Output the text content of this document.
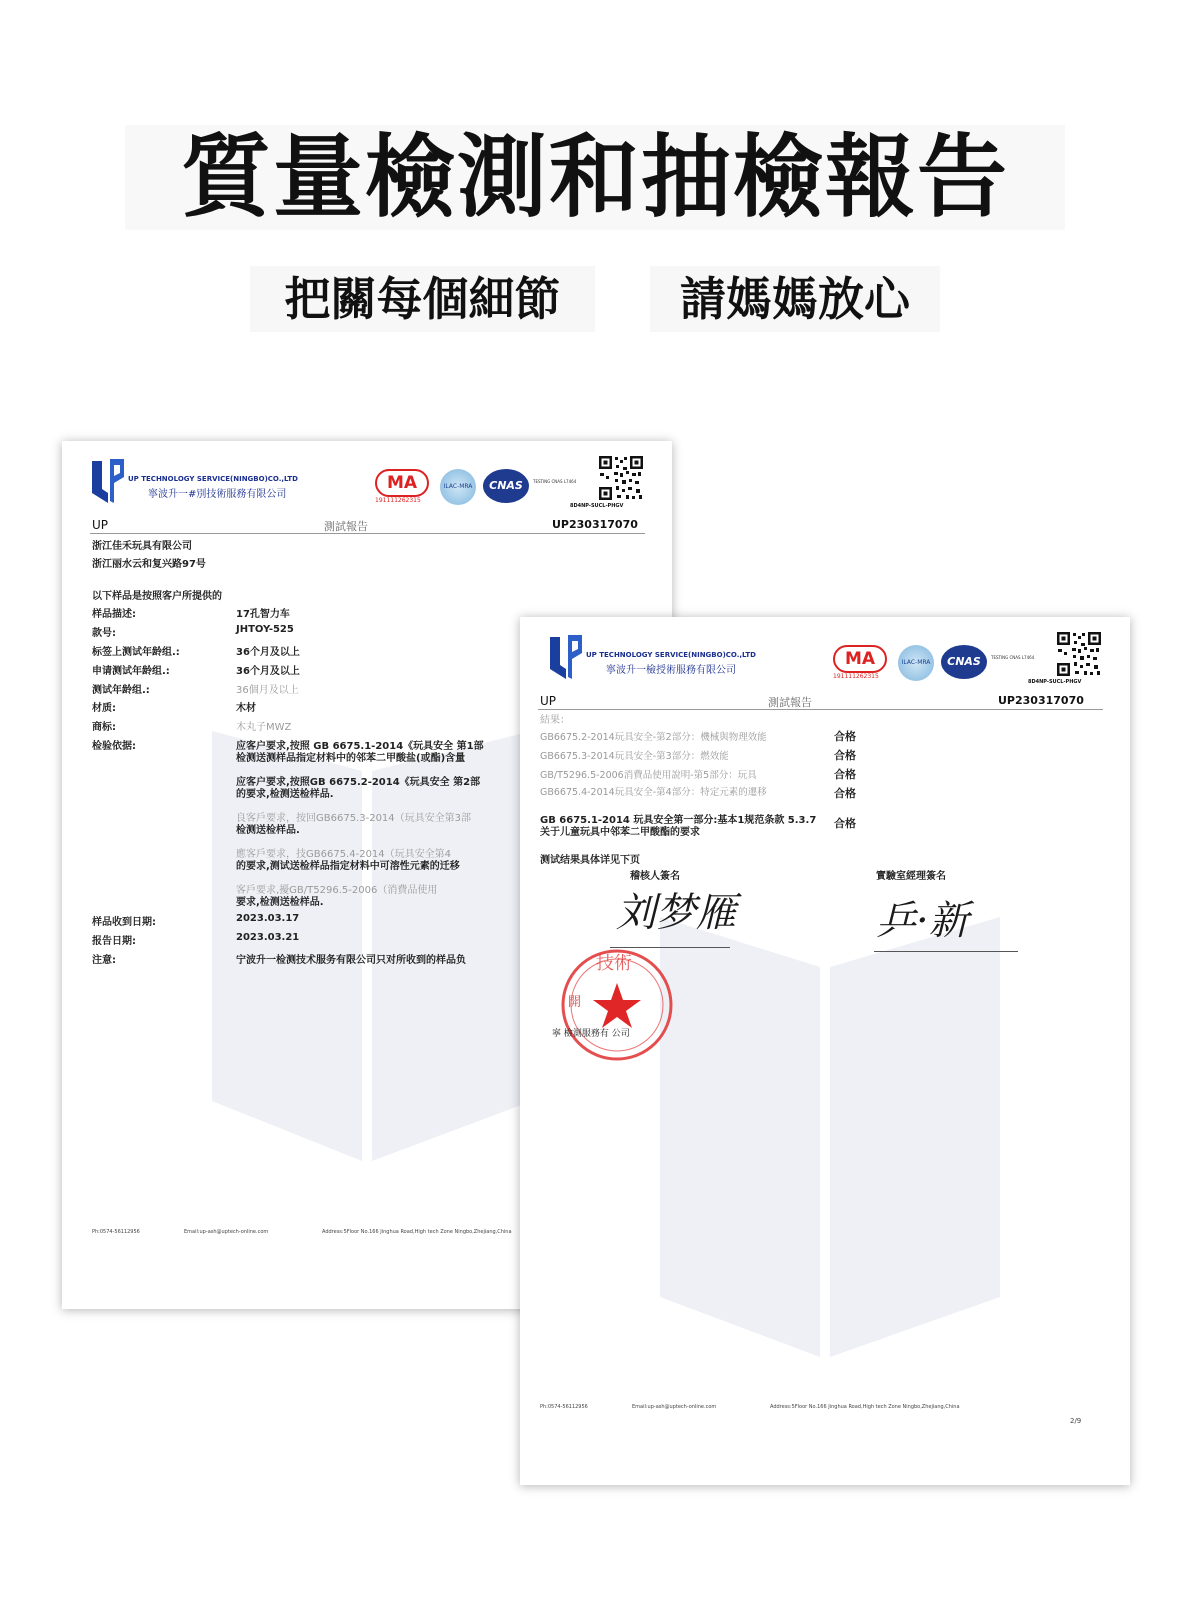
質量檢測和抽檢報告
把關每個細節	請媽媽放心
UP TECHNOLOGY SERVICE(NINGBO)CO.,LTD
寧波升一#別技術服務有限公司
MA
191111262315
ILAC-MRA	CNAS	TESTING CNAS L7464
8D4NP-SUCL-PHGV
UP	測試報告	UP230317070
浙江佳禾玩具有限公司
浙江丽水云和复兴路97号
以下样品是按照客户所提供的
样品描述:	17孔智力车
款号:	JHTOY-525
标签上测试年龄组.:	36个月及以上
申请测试年龄组.:	36个月及以上
测试年龄组.:	36個月及以上
材质:	木材
商标:	木丸子MWZ
检验依据:	应客户要求,按照 GB 6675.1-2014《玩具安全 第1部
检测送测样品指定材料中的邻苯二甲酸盐(或酯)含量
应客户要求,按照GB 6675.2-2014《玩具安全 第2部
的要求,检测送检样品.
良客戶要求，按回GB6675.3-2014（玩具安全第3部
检测送检样品.
應客戶要求，技GB6675.4-2014（玩具安全第4
的要求,测试送检样品指定材料中可溶性元素的迁移
客戶要求,擾GB/T5296.5-2006（消費品使用
要求,检测送检样品.
样品收到日期:	2023.03.17
报告日期:	2023.03.21
注意:	宁波升一检测技术服务有限公司只对所收到的样品负
Ph:0574-56112956	Email:up-ash@uptech-online.com	Address:5Floor No.166 Jinghua Road,High tech Zone Ningbo,Zhejiang,China
UP TECHNOLOGY SERVICE(NINGBO)CO.,LTD
寧波升一檢授術服務有限公司
MA
191111262315
ILAC-MRA	CNAS	TESTING CNAS L7464
8D4NP-SUCL-PHGV
UP	測試報告	UP230317070
結果：
GB6675.2-2014玩具安全-第2部分：機械與物理效能	合格
GB6675.3-2014玩具安全-第3部分：燃效能	合格
GB/T5296.5-2006消費品使用說明-第5部分：玩具	合格
GB6675.4-2014玩具安全-第4部分：特定元素的遷移	合格
GB 6675.1-2014 玩具安全第一部分:基本1规范条款 5.3.7 关于儿童玩具中邻苯二甲酸酯的要求
合格
测试结果具体详见下页
稽核人簽名	實驗室經理簽名
刘梦雁	乒·新
技術
開
寧 檢測服務有 公司
Ph:0574-56112956	Email:up-ash@uptech-online.com	Address:5Floor No.166 Jinghua Road,High tech Zone Ningbo,Zhejiang,China
2/9
